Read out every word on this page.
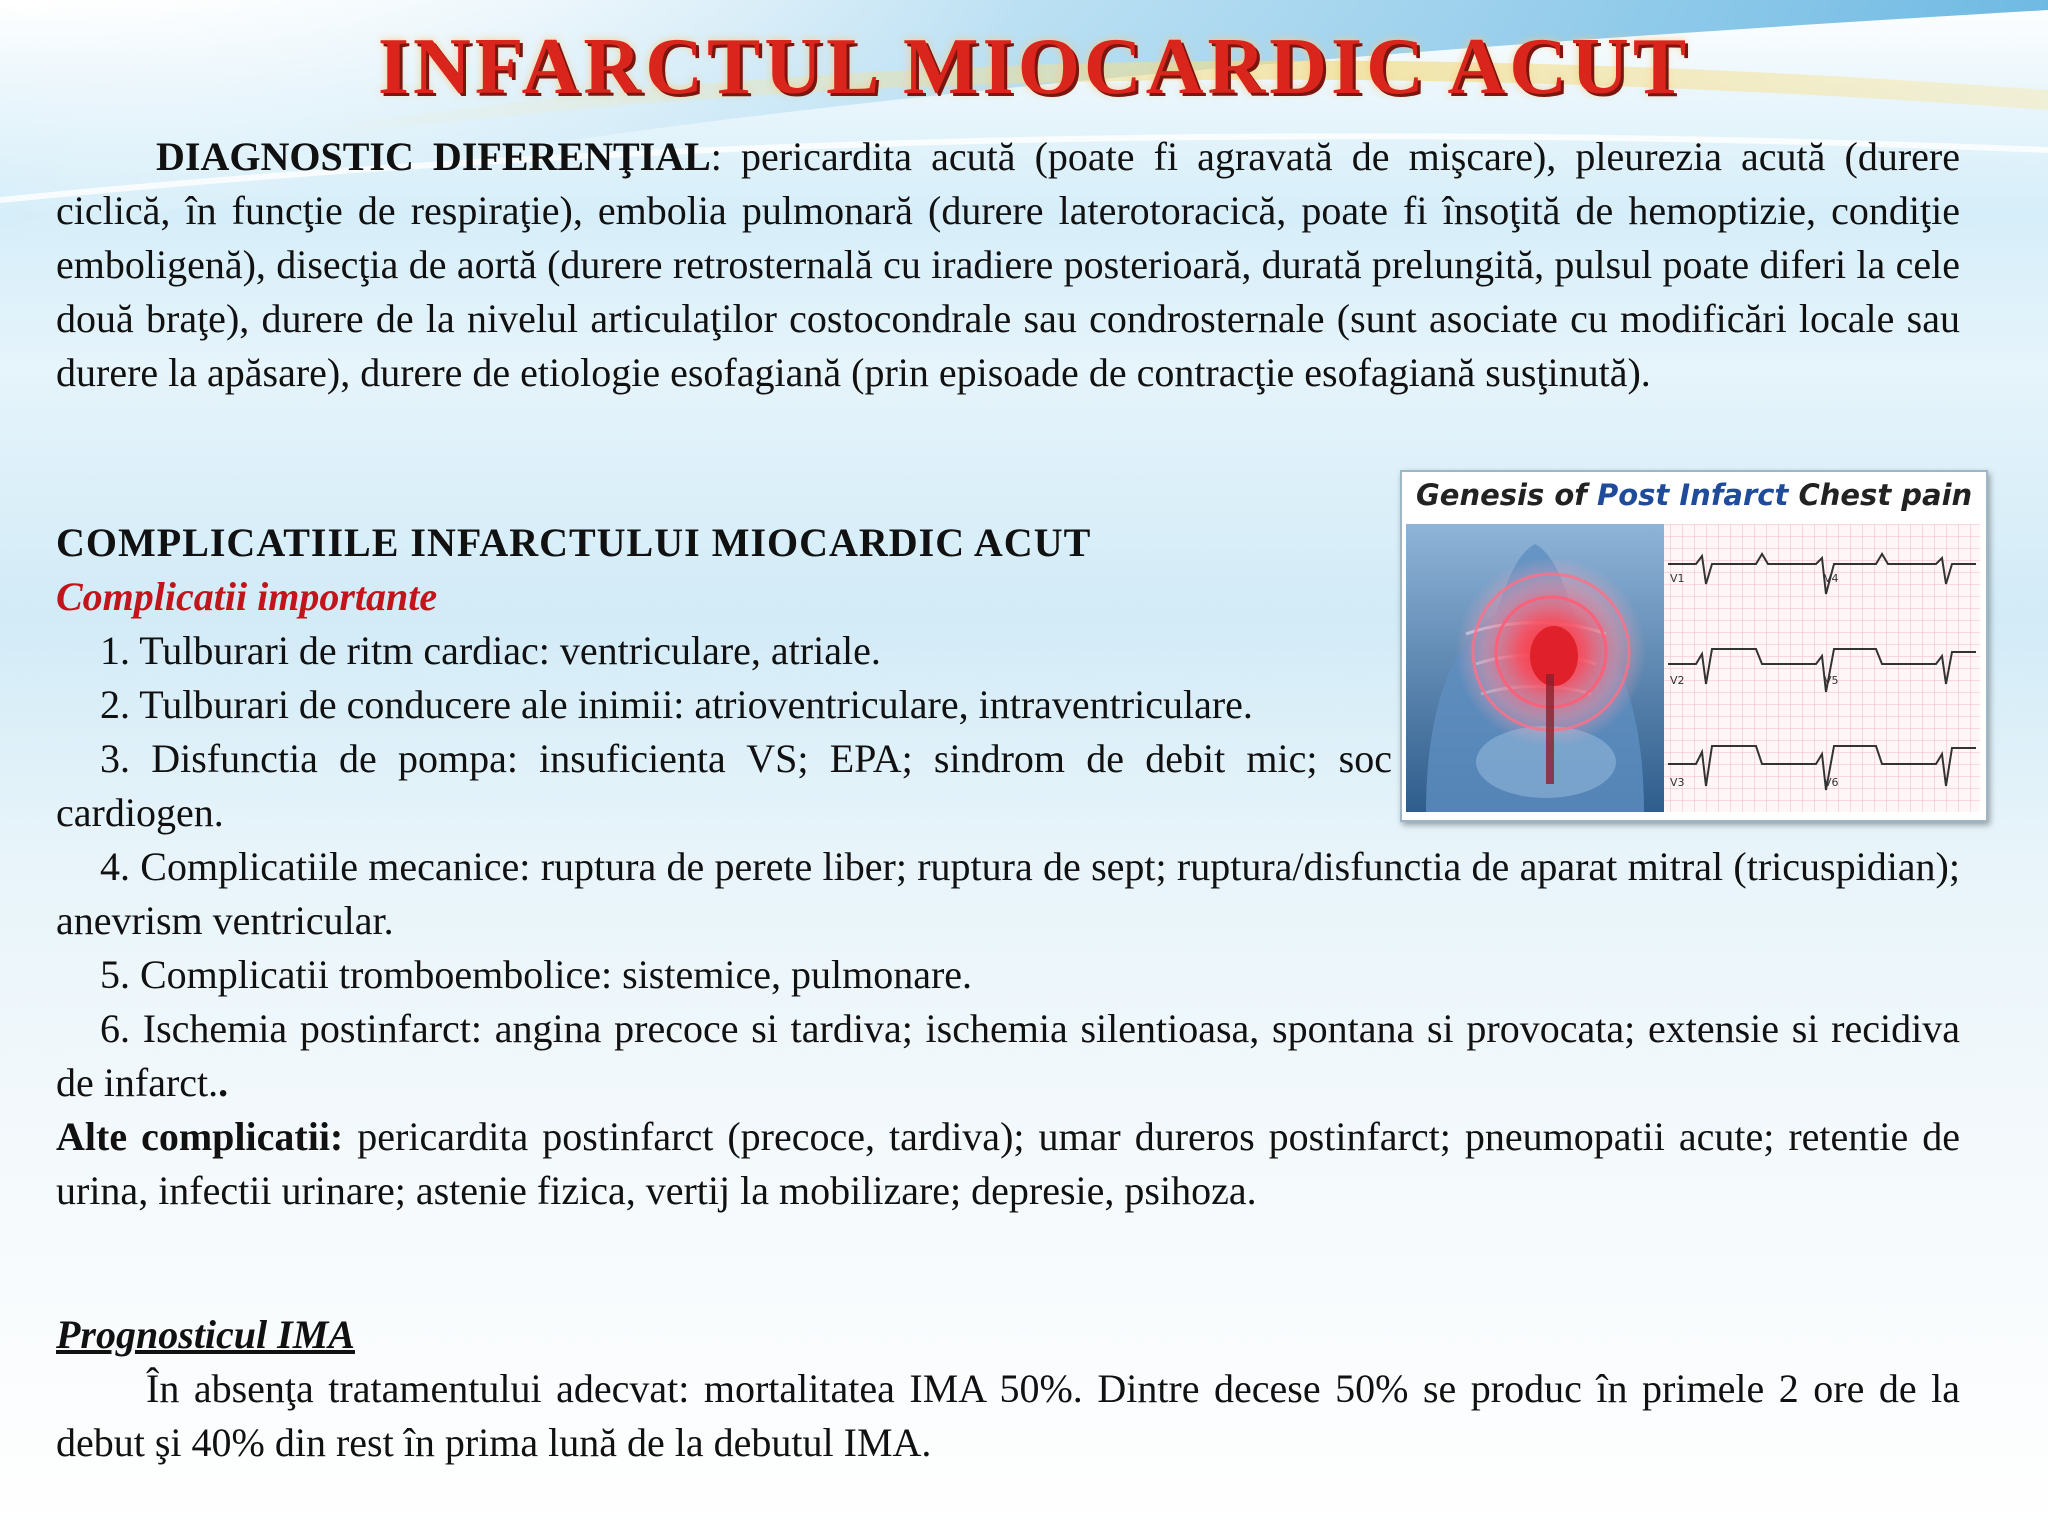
INFARCTUL MIOCARDIC ACUT

DIAGNOSTIC DIFERENŢIAL: pericardita acută (poate fi agravată de mişcare), pleurezia acută (durere ciclică, în funcţie de respiraţie), embolia pulmonară (durere laterotoracică, poate fi însoţită de hemoptizie, condiţie emboligenă), disecţia de aortă (durere retrosternală cu iradiere posterioară, durată prelungită, pulsul poate diferi la cele două braţe), durere de la nivelul articulaţilor costocondrale sau condrosternale (sunt asociate cu modificări locale sau durere la apăsare), durere de etiologie esofagiană (prin episoade de contracţie esofagiană susţinută).

COMPLICATIILE INFARCTULUI MIOCARDIC ACUT

Complicatii importante

1. Tulburari de ritm cardiac: ventriculare, atriale.

2. Tulburari de conducere ale inimii: atrioventriculare, intraventriculare.

3. Disfunctia de pompa: insuficienta VS; EPA; sindrom de debit mic; soc cardiogen.

4. Complicatiile mecanice: ruptura de perete liber; ruptura de sept; ruptura/disfunctia de aparat mitral (tricuspidian); anevrism ventricular.

5. Complicatii tromboembolice: sistemice, pulmonare.

6. Ischemia postinfarct: angina precoce si tardiva; ischemia silentioasa, spontana si provocata; extensie si recidiva de infarct..

Alte complicatii: pericardita postinfarct (precoce, tardiva); umar dureros postinfarct; pneumopatii acute; retentie de urina, infectii urinare; astenie fizica, vertij la mobilizare; depresie, psihoza.

Genesis of Post Infarct Chest pain

V1	V4
V2	V5
V3	V6

Prognosticul IMA

În absenţa tratamentului adecvat: mortalitatea IMA 50%. Dintre decese 50% se produc în primele 2 ore de la debut şi 40% din rest în prima lună de la debutul IMA.
